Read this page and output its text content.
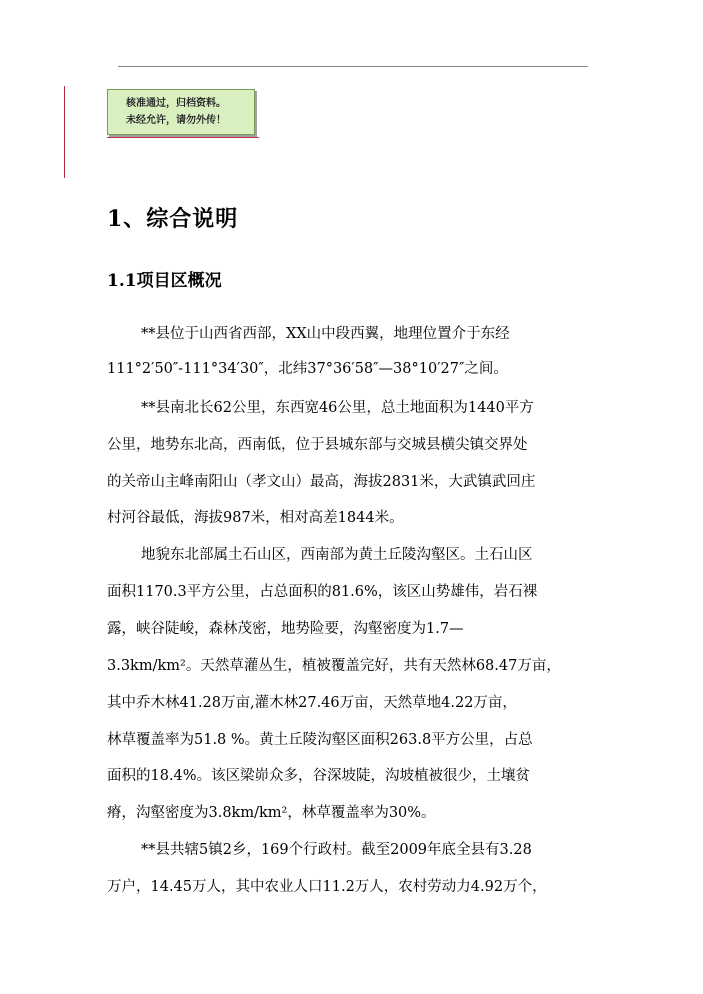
核准通过，归档资料。
未经允许，请勿外传！
1、综合说明
1.1项目区概况
**县位于山西省西部，XX山中段西翼，地理位置介于东经
111°2′50″-111°34′30″，北纬37°36′58″—38°10′27″之间。
**县南北长62公里，东西宽46公里，总土地面积为1440平方
公里，地势东北高，西南低，位于县城东部与交城县横尖镇交界处
的关帝山主峰南阳山（孝文山）最高，海拔2831米，大武镇武回庄
村河谷最低，海拔987米，相对高差1844米。
地貌东北部属土石山区，西南部为黄土丘陵沟壑区。土石山区
面积1170.3平方公里，占总面积的81.6%，该区山势雄伟，岩石裸
露，峡谷陡峻，森林茂密，地势险要，沟壑密度为1.7—
3.3km/km²。天然草灌丛生，植被覆盖完好，共有天然林68.47万亩，
其中乔木林41.28万亩,灌木林27.46万亩，天然草地4.22万亩，
林草覆盖率为51.8 %。黄土丘陵沟壑区面积263.8平方公里，占总
面积的18.4%。该区梁峁众多，谷深坡陡，沟坡植被很少，土壤贫
瘠，沟壑密度为3.8km/km²，林草覆盖率为30%。
**县共辖5镇2乡，169个行政村。截至2009年底全县有3.28
万户，14.45万人，其中农业人口11.2万人，农村劳动力4.92万个，
